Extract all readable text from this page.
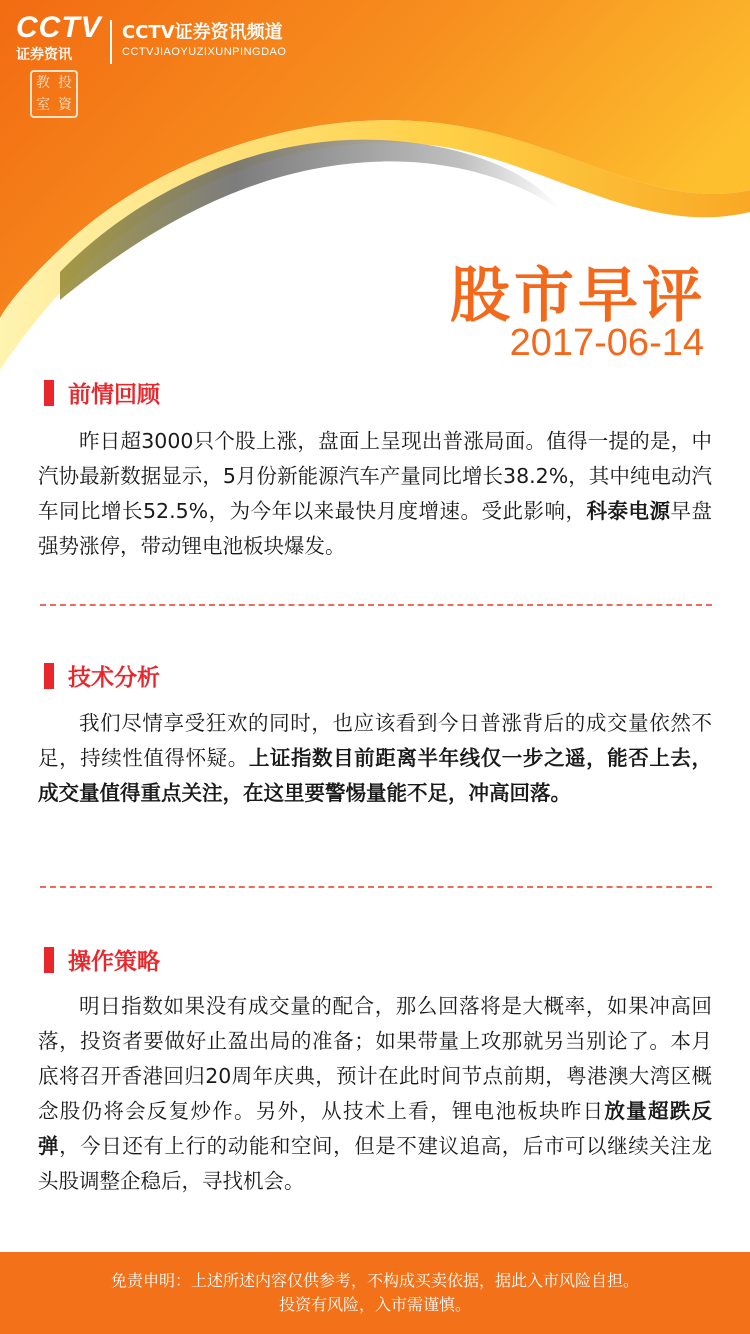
CCTV
证券资讯
CCTV证券资讯频道
CCTVJIAOYUZIXUNPINGDAO
教 投
室 資
股市早评
2017-06-14
前情回顾

昨日超3000只个股上涨，盘面上呈现出普涨局面。值得一提的是，中汽协最新数据显示，5月份新能源汽车产量同比增长38.2%，其中纯电动汽车同比增长52.5%，为今年以来最快月度增速。受此影响，科泰电源早盘强势涨停，带动锂电池板块爆发。

技术分析

我们尽情享受狂欢的同时，也应该看到今日普涨背后的成交量依然不足，持续性值得怀疑。上证指数目前距离半年线仅一步之遥，能否上去，成交量值得重点关注，在这里要警惕量能不足，冲高回落。

操作策略

明日指数如果没有成交量的配合，那么回落将是大概率，如果冲高回落，投资者要做好止盈出局的准备；如果带量上攻那就另当别论了。本月底将召开香港回归20周年庆典，预计在此时间节点前期，粤港澳大湾区概念股仍将会反复炒作。另外，从技术上看，锂电池板块昨日放量超跌反弹，今日还有上行的动能和空间，但是不建议追高，后市可以继续关注龙头股调整企稳后，寻找机会。

免责申明：上述所述内容仅供参考，不构成买卖依据，据此入市风险自担。
投资有风险，入市需谨慎。
